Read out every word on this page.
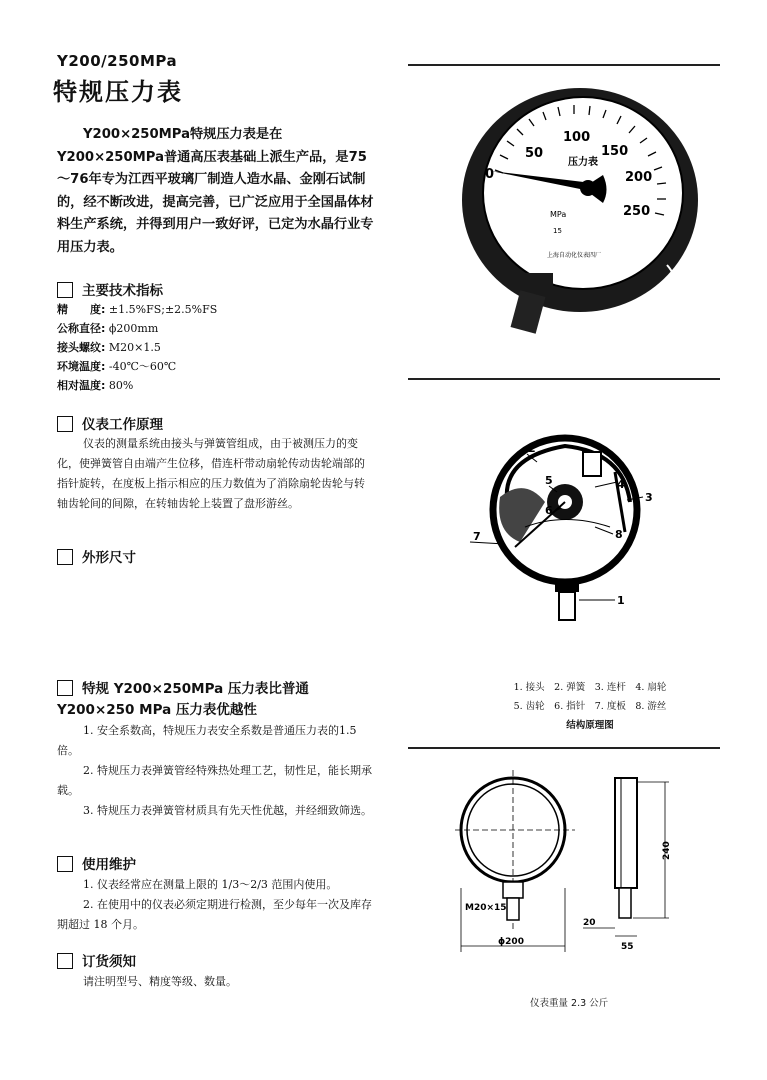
Y200/250MPa
特规压力表
Y200×250MPa特规压力表是在Y200×250MPa普通高压表基础上派生产品，是75～76年专为江西平玻璃厂制造人造水晶、金刚石试制的，经不断改进，提高完善，已广泛应用于全国晶体材料生产系统，并得到用户一致好评，已定为水晶行业专用压力表。
主要技术指标
精　　度: ±1.5%FS;±2.5%FS
公称直径: ϕ200mm
接头螺纹: M20×1.5
环境温度: -40℃～60℃
相对温度: 80%
仪表工作原理

仪表的测量系统由接头与弹簧管组成，由于被测压力的变化，使弹簧管自由端产生位移，借连杆带动扇轮传动齿轮端部的指针旋转，在度板上指示相应的压力数值为了消除扇轮齿轮与转轴齿轮间的间隙，在转轴齿轮上装置了盘形游丝。

外形尺寸
特规 Y200×250MPa 压力表比普通 Y200×250 MPa 压力表优越性

1. 安全系数高，特规压力表安全系数是普通压力表的1.5倍。

2. 特规压力表弹簧管经特殊热处理工艺，韧性足，能长期承载。

3. 特规压力表弹簧管材质具有先天性优越，并经细致筛选。

使用维护

1. 仪表经常应在测量上限的 1/3～2/3 范围内使用。

2. 在使用中的仪表必须定期进行检测，至少每年一次及库存期超过 18 个月。

订货须知

请注明型号、精度等级、数量。

0
50
100
150
200
250
压力表
MPa
15
上海自动化仪表四厂
1
2
3
4
5
6
7	8
1. 接头　2. 弹簧　3. 连杆　4. 扇轮
5. 齿轮　6. 指针　7. 度板　8. 游丝
结构原理图
ϕ200
M20×15
240
20
55
仪表重量 2.3 公斤
